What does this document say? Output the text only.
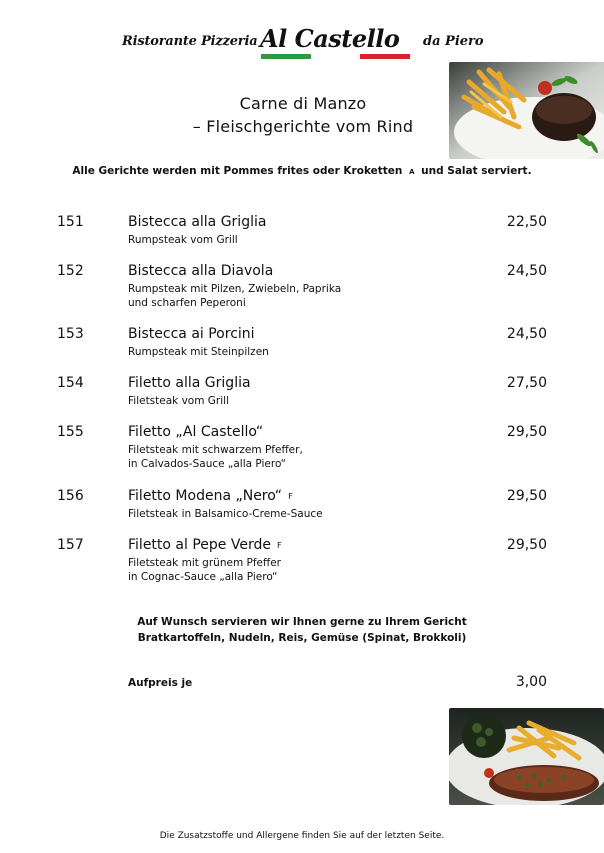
Ristorante Pizzeria Al Castello da Piero
Carne di Manzo
– Fleischgerichte vom Rind
Alle Gerichte werden mit Pommes frites oder Kroketten A und Salat serviert.
151	Bistecca alla Griglia	22,50
Rumpsteak vom Grill
152	Bistecca alla Diavola	24,50
Rumpsteak mit Pilzen, Zwiebeln, Paprika
und scharfen Peperoni
153	Bistecca ai Porcini	24,50
Rumpsteak mit Steinpilzen
154	Filetto alla Griglia	27,50
Filetsteak vom Grill
155	Filetto „Al Castello“	29,50
Filetsteak mit schwarzem Pfeffer,
in Calvados-Sauce „alla Piero“
156	Filetto Modena „Nero“ F	29,50
Filetsteak in Balsamico-Creme-Sauce
157	Filetto al Pepe Verde F	29,50
Filetsteak mit grünem Pfeffer
in Cognac-Sauce „alla Piero“
Auf Wunsch servieren wir Ihnen gerne zu Ihrem Gericht
Bratkartoffeln, Nudeln, Reis, Gemüse (Spinat, Brokkoli)
Aufpreis je	3,00
Die Zusatzstoffe und Allergene finden Sie auf der letzten Seite.
